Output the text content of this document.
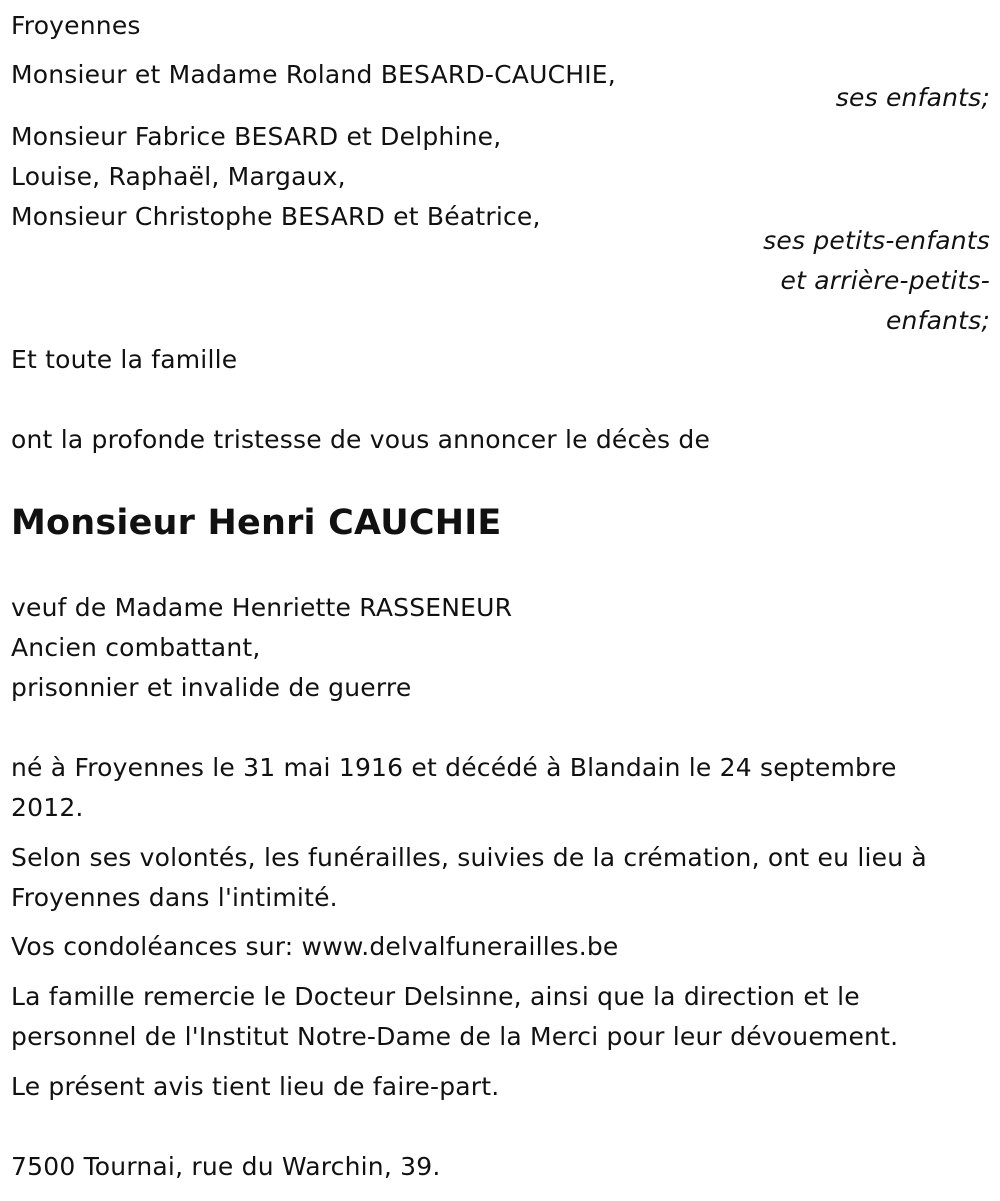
Froyennes
Monsieur et Madame Roland BESARD-CAUCHIE,
ses enfants;
Monsieur Fabrice BESARD et Delphine,
Louise, Raphaël, Margaux,
Monsieur Christophe BESARD et Béatrice,
ses petits-enfants
et arrière-petits-
enfants;
Et toute la famille
ont la profonde tristesse de vous annoncer le décès de
Monsieur Henri CAUCHIE
veuf de Madame Henriette RASSENEUR
Ancien combattant,
prisonnier et invalide de guerre
né à Froyennes le 31 mai 1916 et décédé à Blandain le 24 septembre
2012.
Selon ses volontés, les funérailles, suivies de la crémation, ont eu lieu à
Froyennes dans l'intimité.
Vos condoléances sur: www.delvalfunerailles.be
La famille remercie le Docteur Delsinne, ainsi que la direction et le
personnel de l'Institut Notre-Dame de la Merci pour leur dévouement.
Le présent avis tient lieu de faire-part.
7500 Tournai, rue du Warchin, 39.
